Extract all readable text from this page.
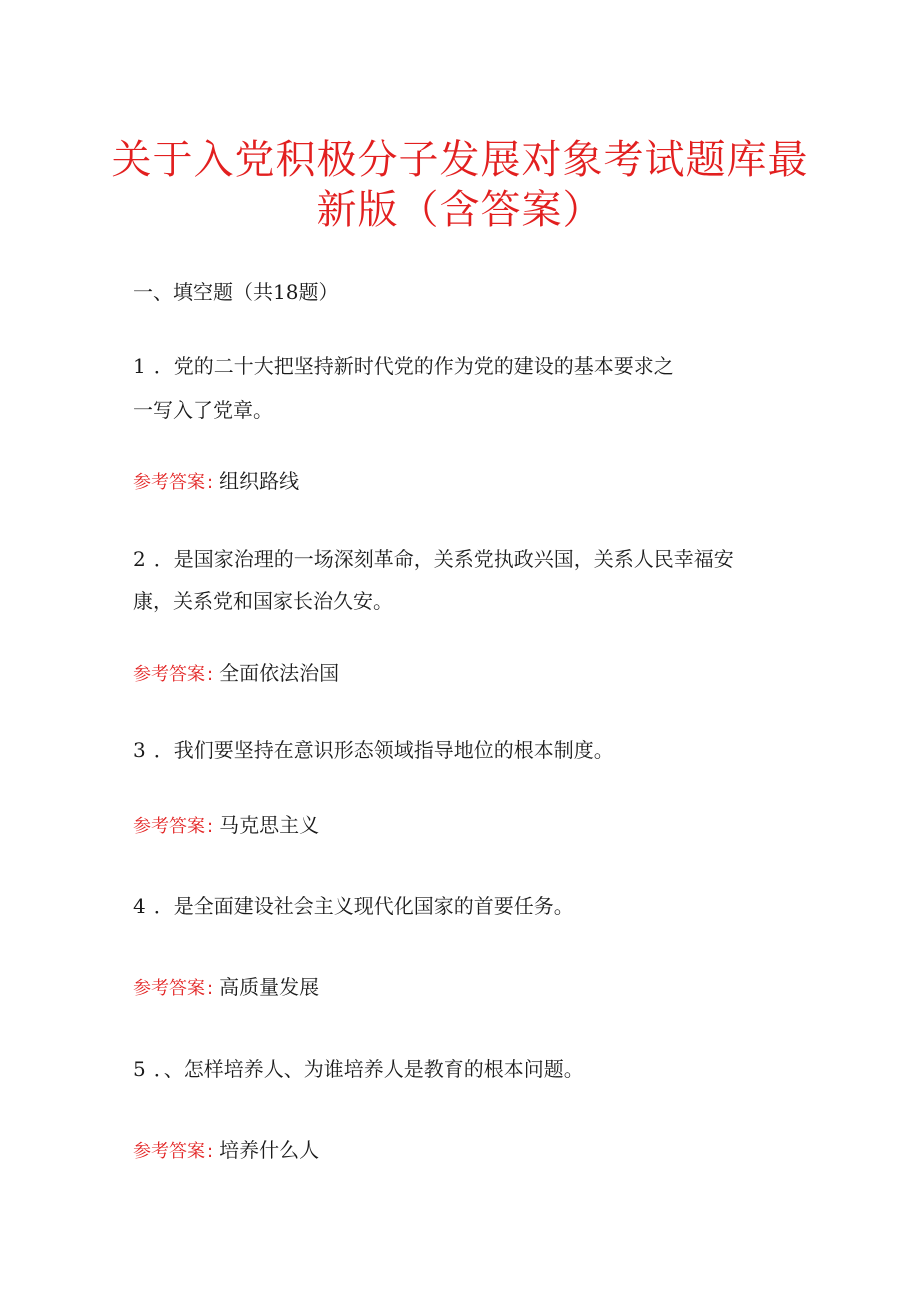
关于入党积极分子发展对象考试题库最
新版（含答案）

一、填空题（共18题）

1 ．党的二十大把坚持新时代党的作为党的建设的基本要求之

一写入了党章。

参考答案 : 组织路线

2 ．是国家治理的一场深刻革命，关系党执政兴国，关系人民幸福安

康，关系党和国家长治久安。

参考答案 : 全面依法治国

3 ．我们要坚持在意识形态领域指导地位的根本制度。

参考答案 : 马克思主义

4 ．是全面建设社会主义现代化国家的首要任务。

参考答案 : 高质量发展

5 ．、怎样培养人、为谁培养人是教育的根本问题。

参考答案 : 培养什么人
